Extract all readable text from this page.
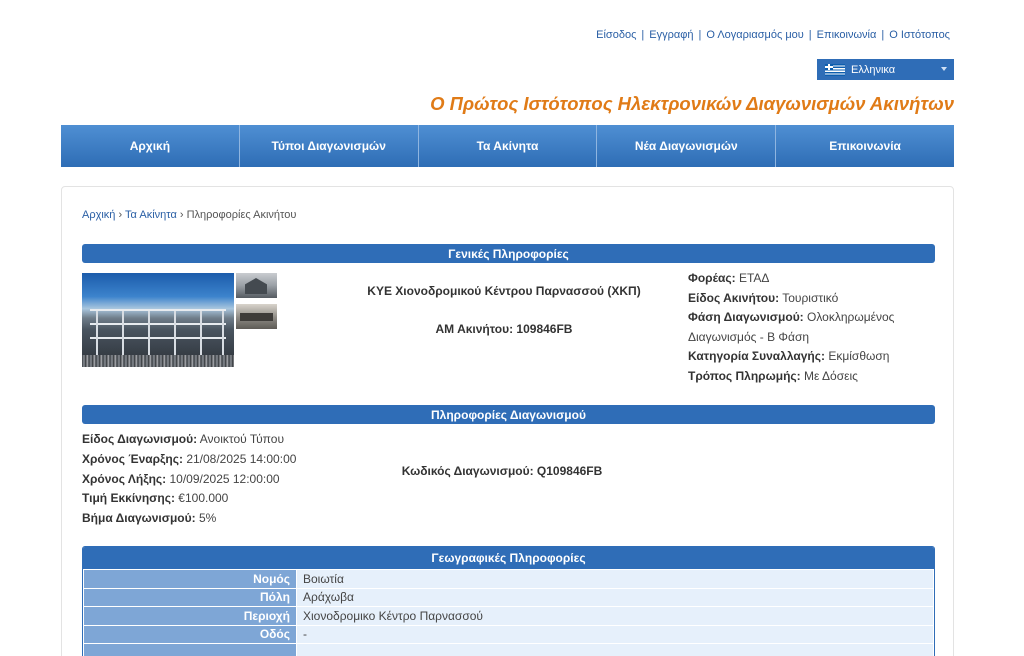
Είσοδος | Εγγραφή | Ο Λογαριασμός μου | Επικοινωνία | Ο Ιστότοπος
Ελληνικα
Ο Πρώτος Ιστότοπος Ηλεκτρονικών Διαγωνισμών Ακινήτων
Αρχική	Τύποι Διαγωνισμών	Τα Ακίνητα	Νέα Διαγωνισμών	Επικοινωνία
Αρχική › Τα Ακίνητα › Πληροφορίες Ακινήτου
Γενικές Πληροφορίες
ΚΥΕ Χιονοδρομικού Κέντρου Παρνασσού (ΧΚΠ)
ΑΜ Ακινήτου: 109846FB
Φορέας: ΕΤΑΔ
Είδος Ακινήτου: Τουριστικό
Φάση Διαγωνισμού: Ολοκληρωμένος Διαγωνισμός - Β Φάση
Κατηγορία Συναλλαγής: Εκμίσθωση
Τρόπος Πληρωμής: Με Δόσεις
Πληροφορίες Διαγωνισμού
Είδος Διαγωνισμού: Ανοικτού Τύπου
Χρόνος Έναρξης: 21/08/2025 14:00:00
Χρόνος Λήξης: 10/09/2025 12:00:00
Τιμή Εκκίνησης: €100.000
Βήμα Διαγωνισμού: 5%
Κωδικός Διαγωνισμού: Q109846FB
Γεωγραφικές Πληροφορίες
Νομός	Βοιωτία
Πόλη	Αράχωβα
Περιοχή	Χιονοδρομικο Κέντρο Παρνασσού
Οδός	-
